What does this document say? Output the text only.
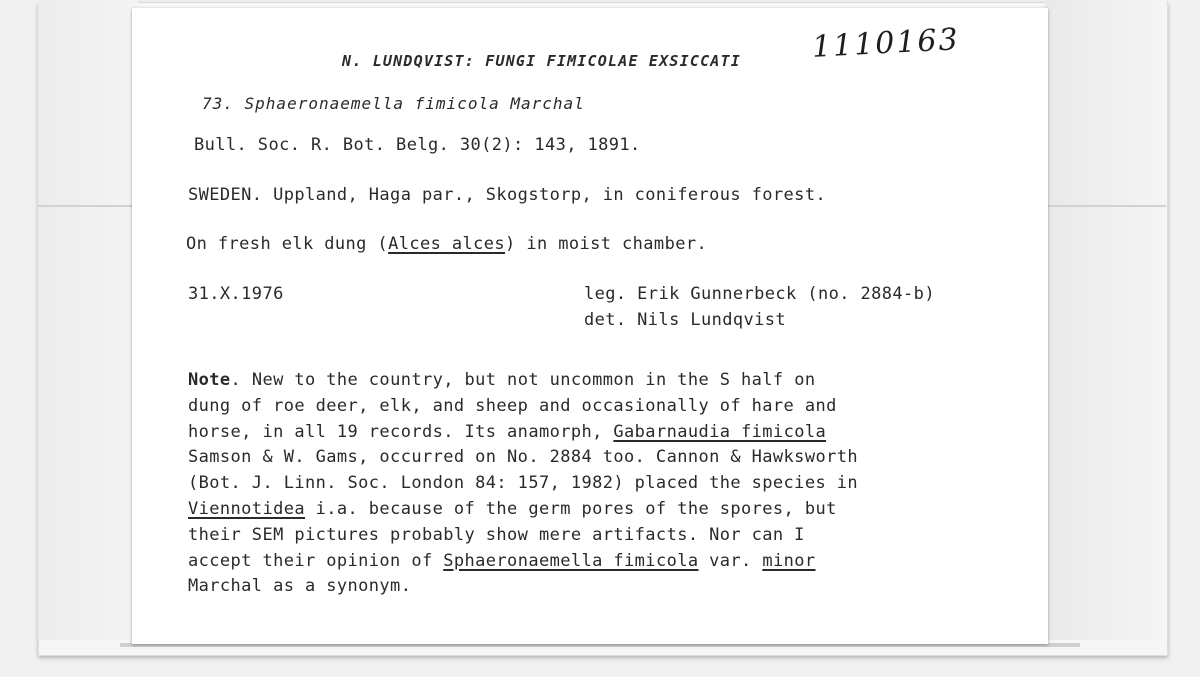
N. LUNDQVIST: FUNGI FIMICOLAE EXSICCATI 1110163
73. Sphaeronaemella fimicola Marchal
Bull. Soc. R. Bot. Belg. 30(2): 143, 1891.
SWEDEN. Uppland, Haga par., Skogstorp, in coniferous forest.
On fresh elk dung (Alces alces) in moist chamber.
31.X.1976	leg. Erik Gunnerbeck (no. 2884-b)
det. Nils Lundqvist
Note. New to the country, but not uncommon in the S half on
dung of roe deer, elk, and sheep and occasionally of hare and
horse, in all 19 records. Its anamorph, Gabarnaudia fimicola
Samson & W. Gams, occurred on No. 2884 too. Cannon & Hawksworth
(Bot. J. Linn. Soc. London 84: 157, 1982) placed the species in
Viennotidea i.a. because of the germ pores of the spores, but
their SEM pictures probably show mere artifacts. Nor can I
accept their opinion of Sphaeronaemella fimicola var. minor
Marchal as a synonym.
